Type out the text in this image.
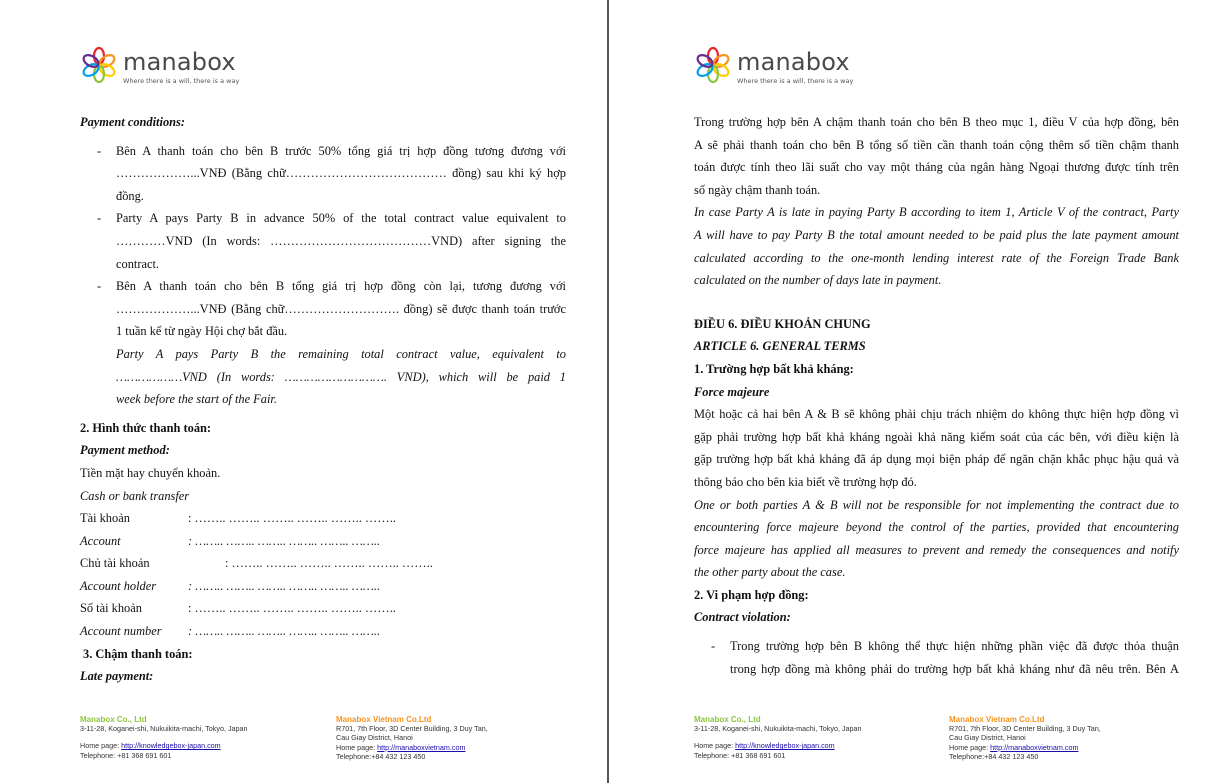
manabox
Where there is a will, there is a way
Payment conditions:
- Bên A thanh toán cho bên B trước 50% tổng giá trị hợp đồng tương đương với
………………...VNĐ (Bằng chữ………………………………… đồng) sau khi ký hợp
đồng.
- Party A pays Party B in advance 50% of the total contract value equivalent to
…………VND (In words: …………………………………VND) after signing the
contract.
- Bên A thanh toán cho bên B tổng giá trị hợp đồng còn lại, tương đương với
………………...VNĐ (Bằng chữ………………………. đồng) sẽ được thanh toán trước
1 tuần kể từ ngày Hội chợ bắt đầu.
Party A pays Party B the remaining total contract value, equivalent to
………………VND (In words: ………………………. VND), which will be paid 1
week before the start of the Fair.
2. Hình thức thanh toán:
Payment method:
Tiền mặt hay chuyển khoản.
Cash or bank transfer
Tài khoản	: …….. …….. …….. …….. …….. ……..
Account	: …….. …….. …….. …….. …….. ……..
Chủ tài khoản	: …….. …….. …….. …….. …….. ……..
Account holder	: …….. …….. …….. …….. …….. ……..
Số tài khoản	: …….. …….. …….. …….. …….. ……..
Account number	: …….. …….. …….. …….. …….. ……..
3. Chậm thanh toán:
Late payment:
Manabox Co., Ltd
3-11-28, Koganei-shi, Nukuikita-machi, Tokyo, Japan
Home page: http://knowledgebox-japan.com
Telephone: +81 368 691 601
Manabox Vietnam Co.Ltd
R701, 7th Floor, 3D Center Building, 3 Duy Tan,
Cau Giay District, Hanoi
Home page: http://manaboxvietnam.com
Telephone:+84 432 123 450
manabox
Where there is a will, there is a way
Trong trường hợp bên A chậm thanh toán cho bên B theo mục 1, điều V của hợp đồng, bên
A sẽ phải thanh toán cho bên B tổng số tiền cần thanh toán cộng thêm số tiền chậm thanh
toán được tính theo lãi suất cho vay một tháng của ngân hàng Ngoại thương được tính trên
số ngày chậm thanh toán.
In case Party A is late in paying Party B according to item 1, Article V of the contract, Party
A will have to pay Party B the total amount needed to be paid plus the late payment amount
calculated according to the one-month lending interest rate of the Foreign Trade Bank
calculated on the number of days late in payment.
ĐIỀU 6. ĐIỀU KHOẢN CHUNG
ARTICLE 6. GENERAL TERMS
1. Trường hợp bất khả kháng:
Force majeure
Một hoặc cả hai bên A & B sẽ không phải chịu trách nhiệm do không thực hiện hợp đồng vì
gặp phải trường hợp bất khả kháng ngoài khả năng kiểm soát của các bên, với điều kiện là
gặp trường hợp bất khả kháng đã áp dụng mọi biện pháp để ngăn chặn khắc phục hậu quả và
thông báo cho bên kia biết về trường hợp đó.
One or both parties A & B will not be responsible for not implementing the contract due to
encountering force majeure beyond the control of the parties, provided that encountering
force majeure has applied all measures to prevent and remedy the consequences and notify
the other party about the case.
2. Vi phạm hợp đồng:
Contract violation:
- Trong trường hợp bên B không thể thực hiện những phần việc đã được thỏa thuận
trong hợp đồng mà không phải do trường hợp bất khả kháng như đã nêu trên. Bên A
Manabox Co., Ltd
3-11-28, Koganei-shi, Nukuikita-machi, Tokyo, Japan
Home page: http://knowledgebox-japan.com
Telephone: +81 368 691 601
Manabox Vietnam Co.Ltd
R701, 7th Floor, 3D Center Building, 3 Duy Tan,
Cau Giay District, Hanoi
Home page: http://manaboxvietnam.com
Telephone:+84 432 123 450
